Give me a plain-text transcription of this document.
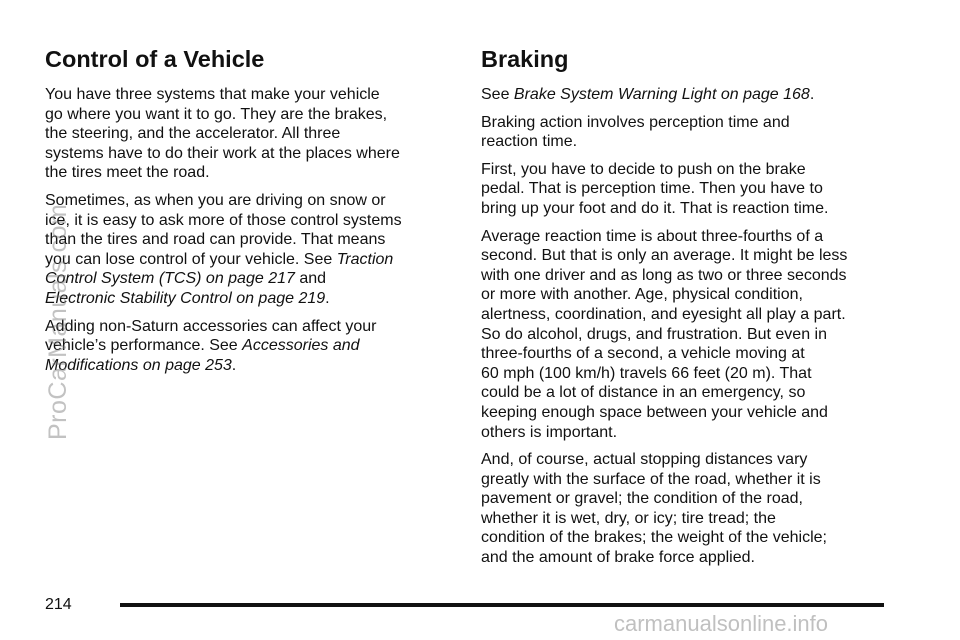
Control of a Vehicle

You have three systems that make your vehicle
go where you want it to go. They are the brakes,
the steering, and the accelerator. All three
systems have to do their work at the places where
the tires meet the road.

Sometimes, as when you are driving on snow or
ice, it is easy to ask more of those control systems
than the tires and road can provide. That means
you can lose control of your vehicle. See Traction
Control System (TCS) on page 217 and
Electronic Stability Control on page 219.

Adding non-Saturn accessories can affect your
vehicle’s performance. See Accessories and
Modifications on page 253.

Braking

See Brake System Warning Light on page 168.

Braking action involves perception time and
reaction time.

First, you have to decide to push on the brake
pedal. That is perception time. Then you have to
bring up your foot and do it. That is reaction time.

Average reaction time is about three-fourths of a
second. But that is only an average. It might be less
with one driver and as long as two or three seconds
or more with another. Age, physical condition,
alertness, coordination, and eyesight all play a part.
So do alcohol, drugs, and frustration. But even in
three-fourths of a second, a vehicle moving at
60 mph (100 km/h) travels 66 feet (20 m). That
could be a lot of distance in an emergency, so
keeping enough space between your vehicle and
others is important.

And, of course, actual stopping distances vary
greatly with the surface of the road, whether it is
pavement or gravel; the condition of the road,
whether it is wet, dry, or icy; tire tread; the
condition of the brakes; the weight of the vehicle;
and the amount of brake force applied.

214
ProCarManuals.com
carmanualsonline.info
